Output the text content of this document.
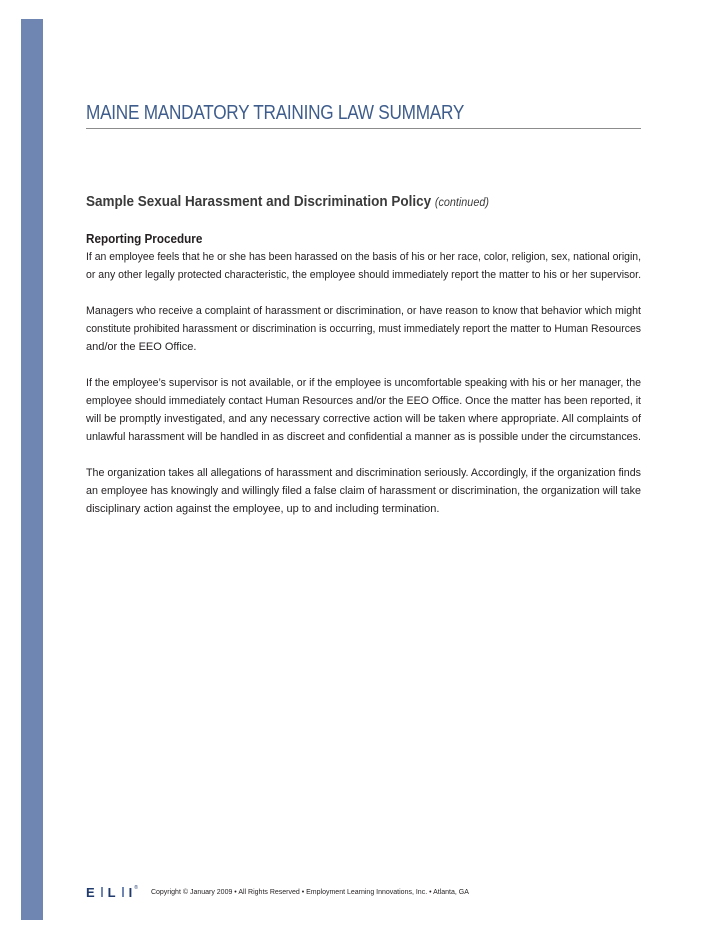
MAINE MANDATORY TRAINING LAW SUMMARY
Sample Sexual Harassment and Discrimination Policy (continued)
Reporting Procedure

If an employee feels that he or she has been harassed on the basis of his or her race, color, religion, sex, national origin,
or any other legally protected characteristic, the employee should immediately report the matter to his or her supervisor.

Managers who receive a complaint of harassment or discrimination, or have reason to know that behavior which might
constitute prohibited harassment or discrimination is occurring, must immediately report the matter to Human Resources
and/or the EEO Office.

If the employee’s supervisor is not available, or if the employee is uncomfortable speaking with his or her manager, the
employee should immediately contact Human Resources and/or the EEO Office. Once the matter has been reported, it
will be promptly investigated, and any necessary corrective action will be taken where appropriate. All complaints of
unlawful harassment will be handled in as discreet and confidential a manner as is possible under the circumstances.

The organization takes all allegations of harassment and discrimination seriously. Accordingly, if the organization finds
an employee has knowingly and willingly filed a false claim of harassment or discrimination, the organization will take
disciplinary action against the employee, up to and including termination.

E L I ®
Copyright © January 2009 • All Rights Reserved • Employment Learning Innovations, Inc. • Atlanta, GA
